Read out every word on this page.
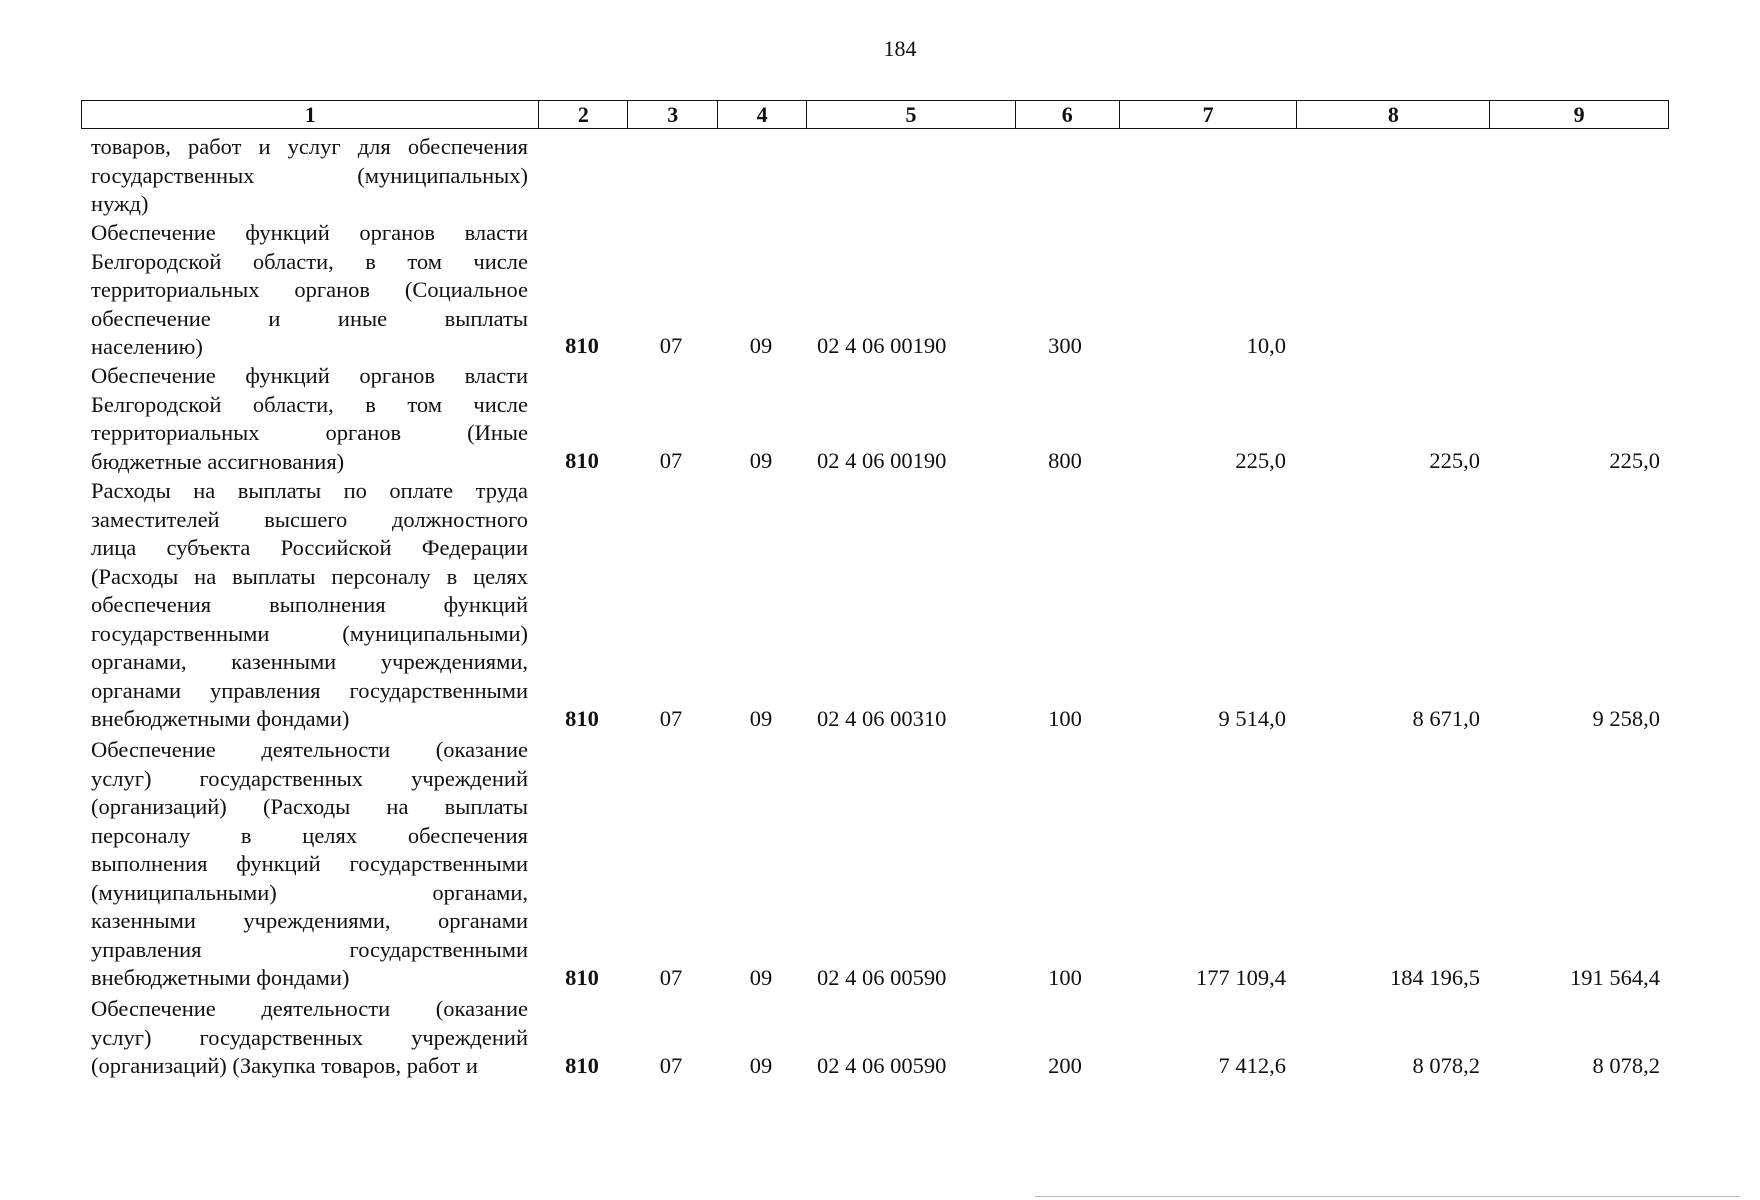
184
1	2	3	4	5	6	7	8	9
товаров, работ и услуг для обеспечения
государственных (муниципальных)
нужд)
Обеспечение функций органов власти
Белгородской области, в том числе
территориальных органов (Социальное
обеспечение и иные выплаты
населению)	810	07	09	02 4 06 00190	300	10,0
Обеспечение функций органов власти
Белгородской области, в том числе
территориальных органов (Иные
бюджетные ассигнования)	810	07	09	02 4 06 00190	800	225,0	225,0	225,0
Расходы на выплаты по оплате труда
заместителей высшего должностного
лица субъекта Российской Федерации
(Расходы на выплаты персоналу в целях
обеспечения выполнения функций
государственными (муниципальными)
органами, казенными учреждениями,
органами управления государственными
внебюджетными фондами)	810	07	09	02 4 06 00310	100	9 514,0	8 671,0	9 258,0
Обеспечение деятельности (оказание
услуг) государственных учреждений
(организаций) (Расходы на выплаты
персоналу в целях обеспечения
выполнения функций государственными
(муниципальными) органами,
казенными учреждениями, органами
управления государственными
внебюджетными фондами)	810	07	09	02 4 06 00590	100	177 109,4	184 196,5	191 564,4
Обеспечение деятельности (оказание
услуг) государственных учреждений
(организаций) (Закупка товаров, работ и	810	07	09	02 4 06 00590	200	7 412,6	8 078,2	8 078,2
